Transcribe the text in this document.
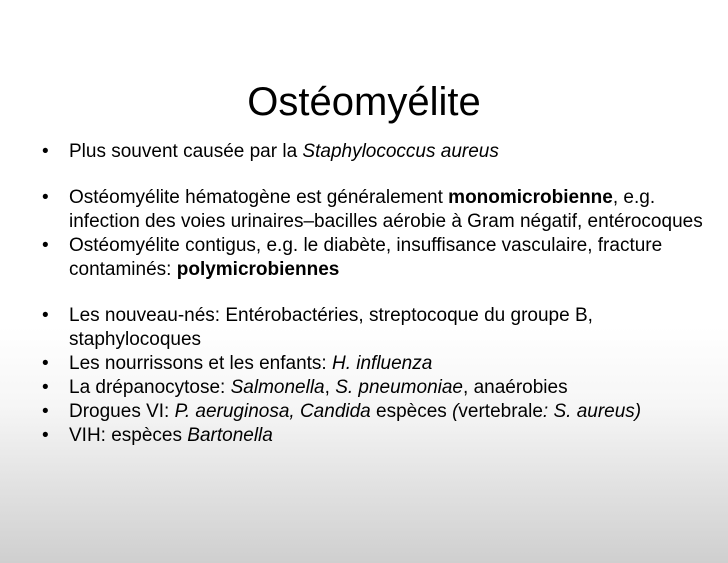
Ostéomyélite
• Plus souvent causée par la Staphylococcus aureus
• Ostéomyélite hématogène est généralement monomicrobienne, e.g. infection des voies urinaires–bacilles aérobie à Gram négatif, entérocoques
• Ostéomyélite contigus, e.g. le diabète, insuffisance vasculaire, fracture contaminés: polymicrobiennes
• Les nouveau-nés: Entérobactéries, streptocoque du groupe B, staphylocoques
• Les nourrissons et les enfants: H. influenza
• La drépanocytose: Salmonella, S. pneumoniae, anaérobies
• Drogues VI: P. aeruginosa, Candida espèces (vertebrale: S. aureus)
• VIH: espèces Bartonella
